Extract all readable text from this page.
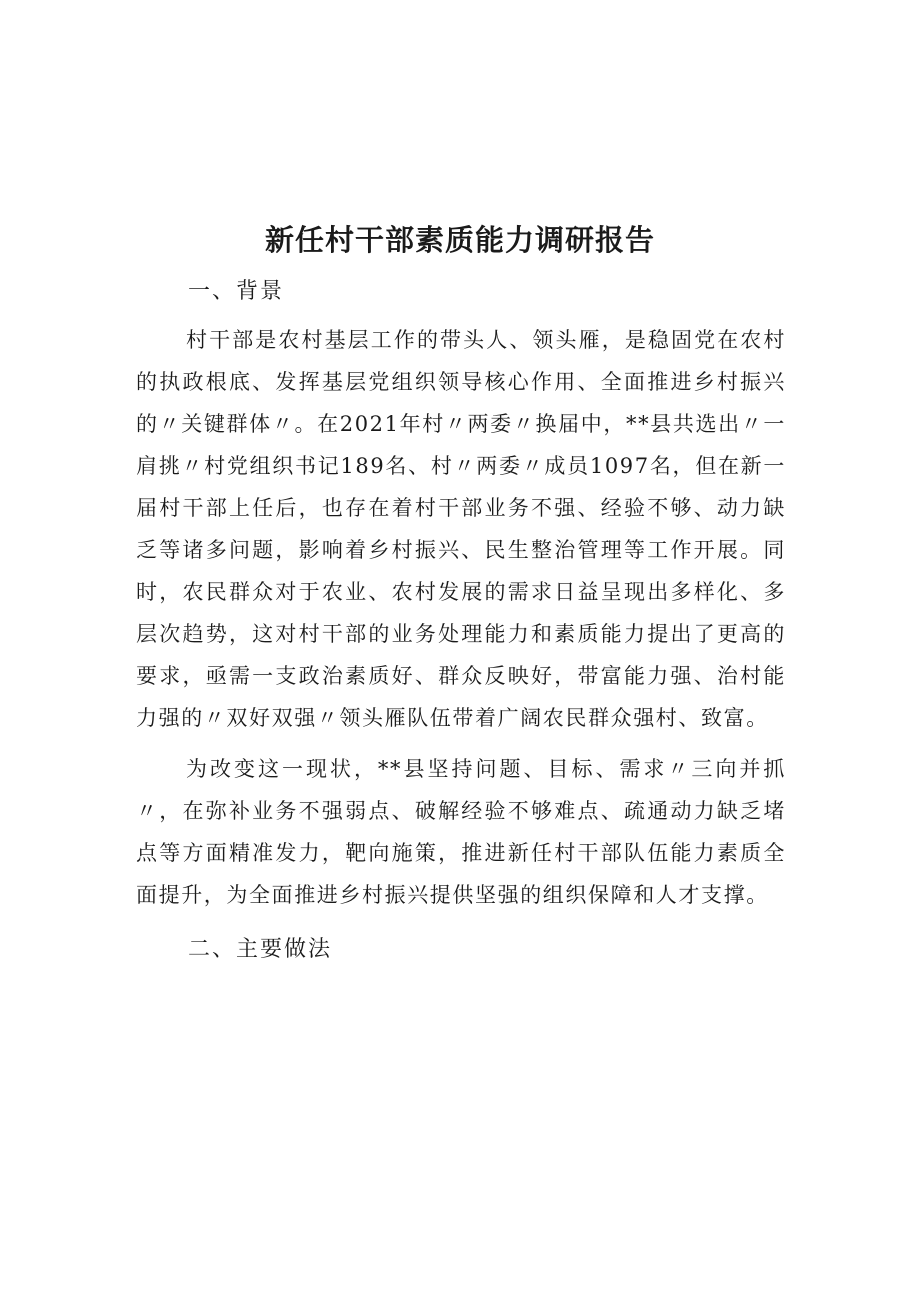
新任村干部素质能力调研报告
一、背景
村干部是农村基层工作的带头人、领头雁，是稳固党在农村的执政根底、发挥基层党组织领导核心作用、全面推进乡村振兴的〃关键群体〃。在2021年村〃两委〃换届中，**县共选出〃一肩挑〃村党组织书记189名、村〃两委〃成员1097名，但在新一届村干部上任后，也存在着村干部业务不强、经验不够、动力缺乏等诸多问题，影响着乡村振兴、民生整治管理等工作开展。同时，农民群众对于农业、农村发展的需求日益呈现出多样化、多层次趋势，这对村干部的业务处理能力和素质能力提出了更高的要求，亟需一支政治素质好、群众反映好，带富能力强、治村能力强的〃双好双强〃领头雁队伍带着广阔农民群众强村、致富。
为改变这一现状，**县坚持问题、目标、需求〃三向并抓〃，在弥补业务不强弱点、破解经验不够难点、疏通动力缺乏堵点等方面精准发力，靶向施策，推进新任村干部队伍能力素质全面提升，为全面推进乡村振兴提供坚强的组织保障和人才支撑。
二、主要做法
